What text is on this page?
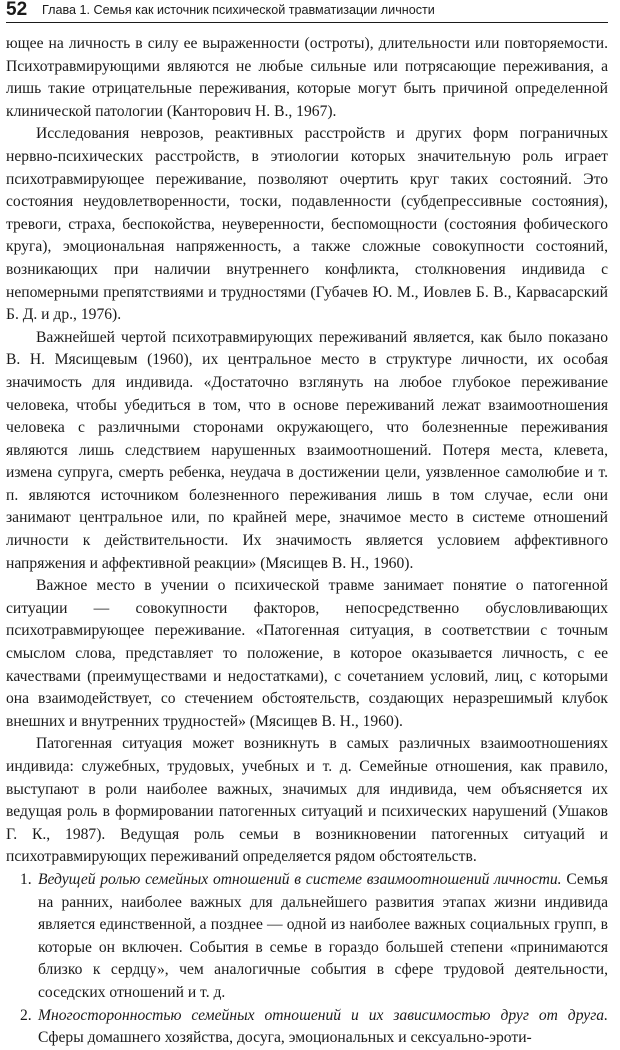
52 Глава 1. Семья как источник психической травматизации личности

ющее на личность в силу ее выраженности (остроты), длительности или повторяемости. Психотравмирующими являются не любые сильные или потрясающие переживания, а лишь такие отрицательные переживания, которые могут быть причиной определенной клинической патологии (Канторович Н. В., 1967).

Исследования неврозов, реактивных расстройств и других форм пограничных нервно-психических расстройств, в этиологии которых значительную роль играет психотравмирующее переживание, позволяют очертить круг таких состояний. Это состояния неудовлетворенности, тоски, подавленности (субдепрессивные состояния), тревоги, страха, беспокойства, неуверенности, беспомощности (состояния фобического круга), эмоциональная напряженность, а также сложные совокупности состояний, возникающих при наличии внутреннего конфликта, столкновения индивида с непомерными препятствиями и трудностями (Губачев Ю. М., Иовлев Б. В., Карвасарский Б. Д. и др., 1976).

Важнейшей чертой психотравмирующих переживаний является, как было показано В. Н. Мясищевым (1960), их центральное место в структуре личности, их особая значимость для индивида. «Достаточно взглянуть на любое глубокое переживание человека, чтобы убедиться в том, что в основе переживаний лежат взаимоотношения человека с различными сторонами окружающего, что болезненные переживания являются лишь следствием нарушенных взаимоотношений. Потеря места, клевета, измена супруга, смерть ребенка, неудача в достижении цели, уязвленное самолюбие и т. п. являются источником болезненного переживания лишь в том случае, если они занимают центральное или, по крайней мере, значимое место в системе отношений личности к действительности. Их значимость является условием аффективного напряжения и аффективной реакции» (Мясищев В. Н., 1960).

Важное место в учении о психической травме занимает понятие о патогенной ситуации — совокупности факторов, непосредственно обусловливающих психотравмирующее переживание. «Патогенная ситуация, в соответствии с точным смыслом слова, представляет то положение, в которое оказывается личность, с ее качествами (преимуществами и недостатками), с сочетанием условий, лиц, с которыми она взаимодействует, со стечением обстоятельств, создающих неразрешимый клубок внешних и внутренних трудностей» (Мясищев В. Н., 1960).

Патогенная ситуация может возникнуть в самых различных взаимоотношениях индивида: служебных, трудовых, учебных и т. д. Семейные отношения, как правило, выступают в роли наиболее важных, значимых для индивида, чем объясняется их ведущая роль в формировании патогенных ситуаций и психических нарушений (Ушаков Г. К., 1987). Ведущая роль семьи в возникновении патогенных ситуаций и психотравмирующих переживаний определяется рядом обстоятельств.

1. Ведущей ролью семейных отношений в системе взаимоотношений личности. Семья на ранних, наиболее важных для дальнейшего развития этапах жизни индивида является единственной, а позднее — одной из наиболее важных социальных групп, в которые он включен. События в семье в гораздо большей степени «принимаются близко к сердцу», чем аналогичные события в сфере трудовой деятельности, соседских отношений и т. д.
2. Многосторонностью семейных отношений и их зависимостью друг от друга. Сферы домашнего хозяйства, досуга, эмоциональных и сексуально-эроти-
